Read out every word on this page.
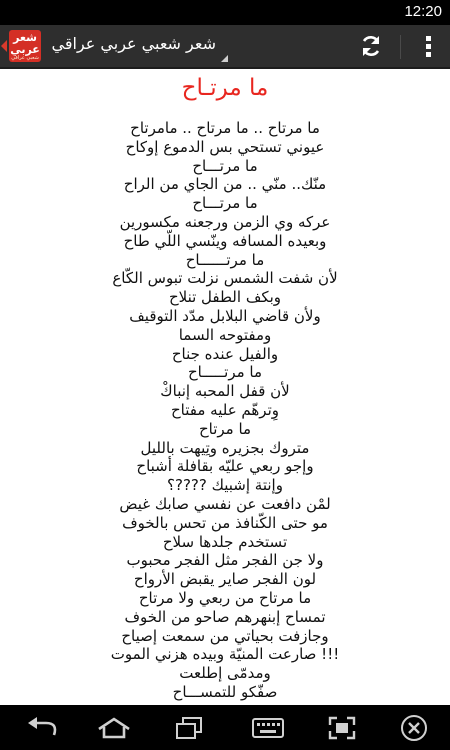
12:20
شعر
عربي
شعبي عراقي
شعر شعبي عربي عراقي
ما مرتـاح
ما مرتاح .. ما مرتاح .. مامرتاح
عيوني تستحي بس الدموع إوكاح
ما مرتـــاح
منّك.. منّي .. من الجاي من الراح
ما مرتـــاح
عركه وي الزمن ورجعنه مكسورين
وبعيده المسافه وينّسي اللّي طاح
ما مرتــــــاح
لأن شفت الشمس نزلت تبوس الكّاع
وبكف الطفل تنلاح
ولأن قاضي البلابل مدّد التوقيف
ومفتوحه السما
والفيل عنده جناح
ما مرتـــــاح
لأن قفل المحبه إنباكْ
وِترهّم عليه مفتاح
ما مرتاح
متروك بجزيره وتِيهت بالليل
وإجو ربعي عليّه بقافلة أشباح
وإنتة إشبيك ????؟
لمْن دافعت عن نفسي صابك غيض
مو حتى الكّنافذ من تحس بالخوف
تستخدم جلدها سلاح
ولا جن الفجر مثل الفجر محبوب
لون الفجر صاير يقبض الأرواح
ما مرتاح من ربعي ولا مرتاح
تمساح إبنهرهم صاحو من الخوف
وجازفت بحياتي من سمعت إصياح
!!! صارعت المنيّة وبيده هزني الموت
ومدمّى إطلعت
صفّكو للتمســـاح
